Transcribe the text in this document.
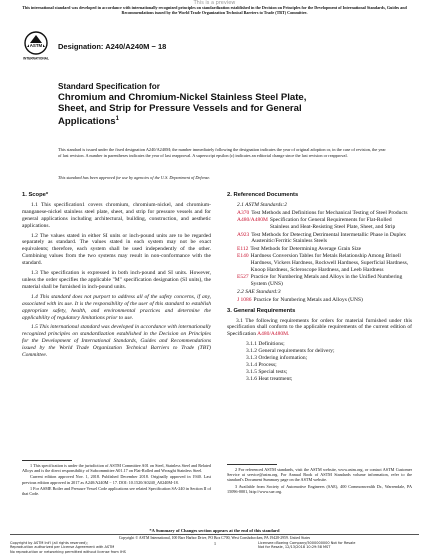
This is a preview
This international standard was developed in accordance with internationally recognized principles on standardization established in the Decision on Principles for the Development of International Standards, Guides and Recommendations issued by the World Trade Organization Technical Barriers to Trade (TBT) Committee.
ASTM
INTERNATIONAL
Designation: A240/A240M − 18
Standard Specification for
Chromium and Chromium-Nickel Stainless Steel Plate,
Sheet, and Strip for Pressure Vessels and for General
Applications$^1$
This standard is issued under the fixed designation A240/A240M; the number immediately following the designation indicates the year of original adoption or, in the case of revision, the year of last revision. A number in parentheses indicates the year of last reapproval. A superscript epsilon (ε) indicates an editorial change since the last revision or reapproval.
This standard has been approved for use by agencies of the U.S. Department of Defense.
1. Scope*
1.1 This specification1 covers chromium, chromium-nickel, and chromium-manganese-nickel stainless steel plate, sheet, and strip for pressure vessels and for general applications including architectural, building, construction, and aesthetic applications.
1.2 The values stated in either SI units or inch-pound units are to be regarded separately as standard. The values stated in each system may not be exact equivalents; therefore, each system shall be used independently of the other. Combining values from the two systems may result in non-conformance with the standard.
1.3 The specification is expressed in both inch-pound and SI units. However, unless the order specifies the applicable "M" specification designation (SI units), the material shall be furnished in inch-pound units.
1.4 This standard does not purport to address all of the safety concerns, if any, associated with its use. It is the responsibility of the user of this standard to establish appropriate safety, health, and environmental practices and determine the applicability of regulatory limitations prior to use.
1.5 This international standard was developed in accordance with internationally recognized principles on standardization established in the Decision on Principles for the Development of International Standards, Guides and Recommendations issued by the World Trade Organization Technical Barriers to Trade (TBT) Committee.
2. Referenced Documents
2.1 ASTM Standards:2
A370 Test Methods and Definitions for Mechanical Testing of Steel Products
A480/A480M Specification for General Requirements for Flat-Rolled Stainless and Heat-Resisting Steel Plate, Sheet, and Strip
A923 Test Methods for Detecting Detrimental Intermetallic Phase in Duplex Austenitic/Ferritic Stainless Steels
E112 Test Methods for Determining Average Grain Size
E140 Hardness Conversion Tables for Metals Relationship Among Brinell Hardness, Vickers Hardness, Rockwell Hardness, Superficial Hardness, Knoop Hardness, Scleroscope Hardness, and Leeb Hardness
E527 Practice for Numbering Metals and Alloys in the Unified Numbering System (UNS)
2.2 SAE Standard:3
J 1086 Practice for Numbering Metals and Alloys (UNS)
3. General Requirements
3.1 The following requirements for orders for material furnished under this specification shall conform to the applicable requirements of the current edition of Specification A480/A480M.
3.1.1 Definitions;
3.1.2 General requirements for delivery;
3.1.3 Ordering information;
3.1.4 Process;
3.1.5 Special tests;
3.1.6 Heat treatment;
1 This specification is under the jurisdiction of ASTM Committee A01 on Steel, Stainless Steel and Related Alloys and is the direct responsibility of Subcommittee A01.17 on Flat-Rolled and Wrought Stainless Steel.
Current edition approved Nov. 1, 2018. Published December 2018. Originally approved in 1940. Last previous edition approved in 2017 as A240/A240M − 17. DOI: 10.1520/A0240_A0240M-18.
1 For ASME Boiler and Pressure Vessel Code applications see related Specification SA-240 in Section II of that Code.
2 For referenced ASTM standards, visit the ASTM website, www.astm.org, or contact ASTM Customer Service at service@astm.org. For Annual Book of ASTM Standards volume information, refer to the standard's Document Summary page on the ASTM website.
3 Available from Society of Automotive Engineers (SAE), 400 Commonwealth Dr., Warrendale, PA 15096-0001, http://www.sae.org.
*A Summary of Changes section appears at the end of this standard
Copyright © ASTM International, 100 Barr Harbor Drive, PO Box C700, West Conshohocken, PA 19428-2959. United States
Copyright by ASTM Int'l (all rights reserved);
Reproduction authorized per License Agreement with ASTM
No reproduction or networking permitted without license from IHS
1	Licensee=Boeing Company/5000000000 Not for Resale
Not for Resale, 12/13/2018 10:29:58 MST
